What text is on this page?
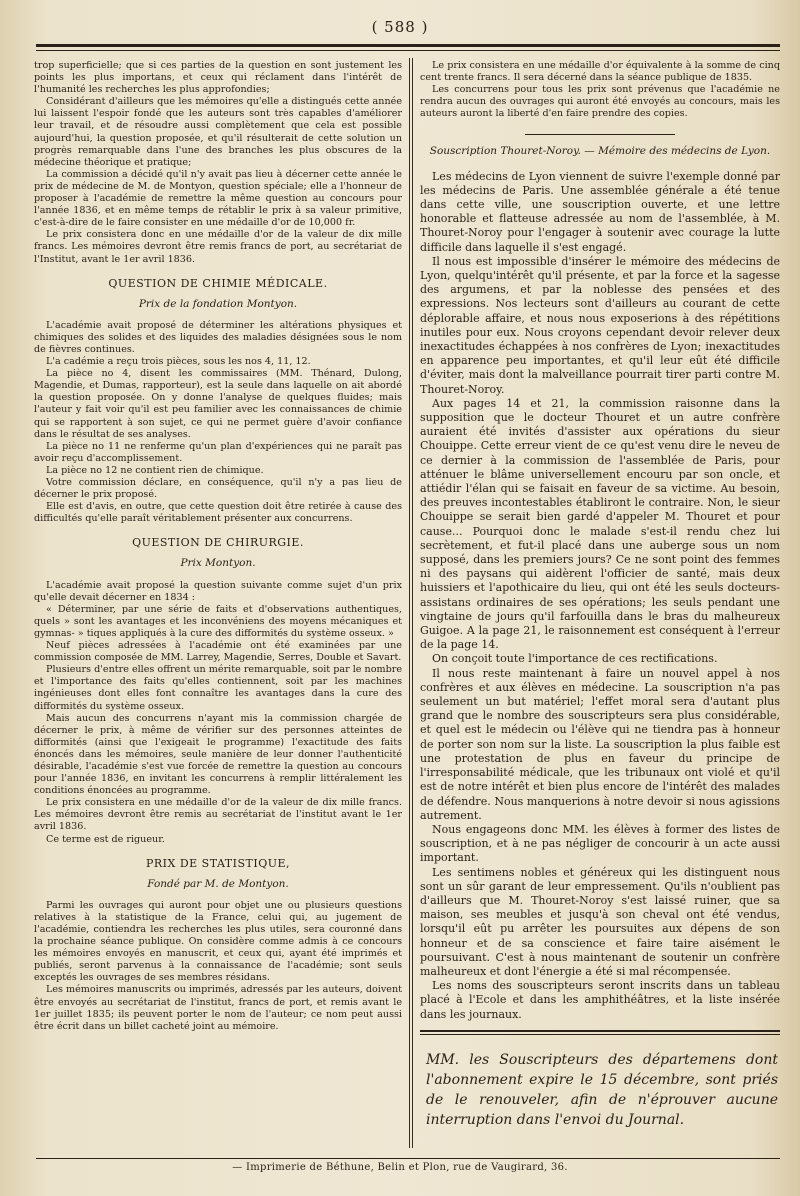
( 588 )

trop superficielle; que si ces parties de la question en sont justement les points les plus importans, et ceux qui réclament dans l'intérêt de l'humanité les recherches les plus approfondies;

Considérant d'ailleurs que les mémoires qu'elle a distingués cette année lui laissent l'espoir fondé que les auteurs sont très capables d'améliorer leur travail, et de résoudre aussi complètement que cela est possible aujourd'hui, la question proposée, et qu'il résulterait de cette solution un progrès remarquable dans l'une des branches les plus obscures de la médecine théorique et pratique;

La commission a décidé qu'il n'y avait pas lieu à décerner cette année le prix de médecine de M. de Montyon, question spéciale; elle a l'honneur de proposer à l'académie de remettre la même question au concours pour l'année 1836, et en même temps de rétablir le prix à sa valeur primitive, c'est-à-dire de le faire consister en une médaille d'or de 10,000 fr.

Le prix consistera donc en une médaille d'or de la valeur de dix mille francs. Les mémoires devront être remis francs de port, au secrétariat de l'Institut, avant le 1er avril 1836.

QUESTION DE CHIMIE MÉDICALE.
Prix de la fondation Montyon.

L'académie avait proposé de déterminer les altérations physiques et chimiques des solides et des liquides des maladies désignées sous le nom de fièvres continues.

L'a cadémie a reçu trois pièces, sous les nos 4, 11, 12.

La pièce no 4, disent les commissaires (MM. Thénard, Dulong, Magendie, et Dumas, rapporteur), est la seule dans laquelle on ait abordé la question proposée. On y donne l'analyse de quelques fluides; mais l'auteur y fait voir qu'il est peu familier avec les connaissances de chimie qui se rapportent à son sujet, ce qui ne permet guère d'avoir confiance dans le résultat de ses analyses.

La pièce no 11 ne renferme qu'un plan d'expériences qui ne paraît pas avoir reçu d'accomplissement.

La pièce no 12 ne contient rien de chimique.

Votre commission déclare, en conséquence, qu'il n'y a pas lieu de décerner le prix proposé.

Elle est d'avis, en outre, que cette question doit être retirée à cause des difficultés qu'elle paraît véritablement présenter aux concurrens.

QUESTION DE CHIRURGIE.
Prix Montyon.

L'académie avait proposé la question suivante comme sujet d'un prix qu'elle devait décerner en 1834 :

« Déterminer, par une série de faits et d'observations authentiques, quels » sont les avantages et les inconvéniens des moyens mécaniques et gymnas- » tiques appliqués à la cure des difformités du système osseux. »

Neuf pièces adressées à l'académie ont été examinées par une commission composée de MM. Larrey, Magendie, Serres, Double et Savart.

Plusieurs d'entre elles offrent un mérite remarquable, soit par le nombre et l'importance des faits qu'elles contiennent, soit par les machines ingénieuses dont elles font connaître les avantages dans la cure des difformités du système osseux.

Mais aucun des concurrens n'ayant mis la commission chargée de décerner le prix, à même de vérifier sur des personnes atteintes de difformités (ainsi que l'exigeait le programme) l'exactitude des faits énoncés dans les mémoires, seule manière de leur donner l'authenticité désirable, l'académie s'est vue forcée de remettre la question au concours pour l'année 1836, en invitant les concurrens à remplir littéralement les conditions énoncées au programme.

Le prix consistera en une médaille d'or de la valeur de dix mille francs. Les mémoires devront être remis au secrétariat de l'institut avant le 1er avril 1836.

Ce terme est de rigueur.

PRIX DE STATISTIQUE,
Fondé par M. de Montyon.

Parmi les ouvrages qui auront pour objet une ou plusieurs questions relatives à la statistique de la France, celui qui, au jugement de l'académie, contiendra les recherches les plus utiles, sera couronné dans la prochaine séance publique. On considère comme admis à ce concours les mémoires envoyés en manuscrit, et ceux qui, ayant été imprimés et publiés, seront parvenus à la connaissance de l'académie; sont seuls exceptés les ouvrages de ses membres résidans.

Les mémoires manuscrits ou imprimés, adressés par les auteurs, doivent être envoyés au secrétariat de l'institut, francs de port, et remis avant le 1er juillet 1835; ils peuvent porter le nom de l'auteur; ce nom peut aussi être écrit dans un billet cacheté joint au mémoire.

Le prix consistera en une médaille d'or équivalente à la somme de cinq cent trente francs. Il sera décerné dans la séance publique de 1835.

Les concurrens pour tous les prix sont prévenus que l'académie ne rendra aucun des ouvrages qui auront été envoyés au concours, mais les auteurs auront la liberté d'en faire prendre des copies.

Souscription Thouret-Noroy. — Mémoire des médecins de Lyon.

Les médecins de Lyon viennent de suivre l'exemple donné par les médecins de Paris. Une assemblée générale a été tenue dans cette ville, une souscription ouverte, et une lettre honorable et flatteuse adressée au nom de l'assemblée, à M. Thouret-Noroy pour l'engager à soutenir avec courage la lutte difficile dans laquelle il s'est engagé.

Il nous est impossible d'insérer le mémoire des médecins de Lyon, quelqu'intérêt qu'il présente, et par la force et la sagesse des argumens, et par la noblesse des pensées et des expressions. Nos lecteurs sont d'ailleurs au courant de cette déplorable affaire, et nous nous exposerions à des répétitions inutiles pour eux. Nous croyons cependant devoir relever deux inexactitudes échappées à nos confrères de Lyon; inexactitudes en apparence peu importantes, et qu'il leur eût été difficile d'éviter, mais dont la malveillance pourrait tirer parti contre M. Thouret-Noroy.

Aux pages 14 et 21, la commission raisonne dans la supposition que le docteur Thouret et un autre confrère auraient été invités d'assister aux opérations du sieur Chouippe. Cette erreur vient de ce qu'est venu dire le neveu de ce dernier à la commission de l'assemblée de Paris, pour atténuer le blâme universellement encouru par son oncle, et attiédir l'élan qui se faisait en faveur de sa victime. Au besoin, des preuves incontestables établiront le contraire. Non, le sieur Chouippe se serait bien gardé d'appeler M. Thouret et pour cause... Pourquoi donc le malade s'est-il rendu chez lui secrètement, et fut-il placé dans une auberge sous un nom supposé, dans les premiers jours? Ce ne sont point des femmes ni des paysans qui aidèrent l'officier de santé, mais deux huissiers et l'apothicaire du lieu, qui ont été les seuls docteurs-assistans ordinaires de ses opérations; les seuls pendant une vingtaine de jours qu'il farfouilla dans le bras du malheureux Guigoe. A la page 21, le raisonnement est conséquent à l'erreur de la page 14.

On conçoit toute l'importance de ces rectifications.

Il nous reste maintenant à faire un nouvel appel à nos confrères et aux élèves en médecine. La souscription n'a pas seulement un but matériel; l'effet moral sera d'autant plus grand que le nombre des souscripteurs sera plus considérable, et quel est le médecin ou l'élève qui ne tiendra pas à honneur de porter son nom sur la liste. La souscription la plus faible est une protestation de plus en faveur du principe de l'irresponsabilité médicale, que les tribunaux ont violé et qu'il est de notre intérêt et bien plus encore de l'intérêt des malades de défendre. Nous manquerions à notre devoir si nous agissions autrement.

Nous engageons donc MM. les élèves à former des listes de souscription, et à ne pas négliger de concourir à un acte aussi important.

Les sentimens nobles et généreux qui les distinguent nous sont un sûr garant de leur empressement. Qu'ils n'oublient pas d'ailleurs que M. Thouret-Noroy s'est laissé ruiner, que sa maison, ses meubles et jusqu'à son cheval ont été vendus, lorsqu'il eût pu arrêter les poursuites aux dépens de son honneur et de sa conscience et faire taire aisément le poursuivant. C'est à nous maintenant de soutenir un confrère malheureux et dont l'énergie a été si mal récompensée.

Les noms des souscripteurs seront inscrits dans un tableau placé à l'Ecole et dans les amphithéâtres, et la liste insérée dans les journaux.

MM. les Souscripteurs des départemens dont l'abonnement expire le 15 décembre, sont priés de le renouveler, afin de n'éprouver aucune interruption dans l'envoi du Journal.
— Imprimerie de Béthune, Belin et Plon, rue de Vaugirard, 36.
